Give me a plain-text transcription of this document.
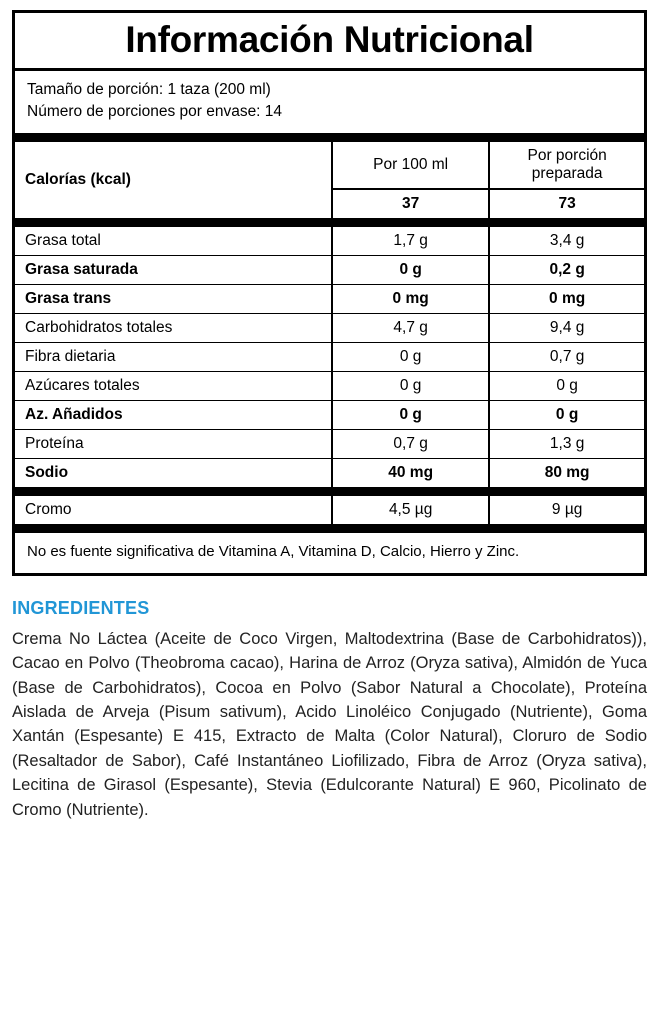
Información Nutricional
Tamaño de porción: 1 taza (200 ml)
Número de porciones por envase: 14
Calorías (kcal)	Por 100 ml	Por porción preparada
	37	73
Grasa total	1,7 g	3,4 g
Grasa saturada	0 g	0,2 g
Grasa trans	0 mg	0 mg
Carbohidratos totales	4,7 g	9,4 g
Fibra dietaria	0 g	0,7 g
Azúcares totales	0 g	0 g
Az. Añadidos	0 g	0 g
Proteína	0,7 g	1,3 g
Sodio	40 mg	80 mg
Cromo	4,5 µg	9 µg
No es fuente significativa de Vitamina A, Vitamina D, Calcio, Hierro y Zinc.
INGREDIENTES
Crema No Láctea (Aceite de Coco Virgen, Maltodextrina (Base de Carbohidratos)), Cacao en Polvo (Theobroma cacao), Harina de Arroz (Oryza sativa), Almidón de Yuca (Base de Carbohidratos), Cocoa en Polvo (Sabor Natural a Chocolate), Proteína Aislada de Arveja (Pisum sativum), Acido Linoléico Conjugado (Nutriente), Goma Xantán (Espesante) E 415, Extracto de Malta (Color Natural), Cloruro de Sodio (Resaltador de Sabor), Café Instantáneo Liofilizado, Fibra de Arroz (Oryza sativa), Lecitina de Girasol (Espesante), Stevia (Edulcorante Natural) E 960, Picolinato de Cromo (Nutriente).
